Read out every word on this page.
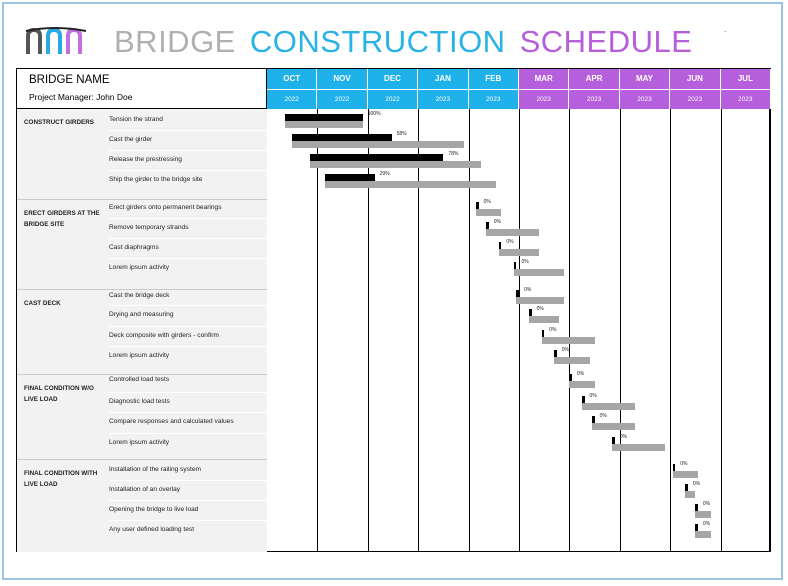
BRIDGE CONSTRUCTION SCHEDULE	.
BRIDGE NAME
Project Manager: John Doe
OCT
2022
NOV
2022
DEC
2022
JAN
2023
FEB
2023
MAR
2023
APR
2023
MAY
2023
JUN
2023
JUL
2023
CONSTRUCT GIRDERS	Tension the strand
100%
Cast the girder
58%
Release the prestressing
78%
Ship the girder to the bridge site
29%
ERECT GIRDERS AT THE BRIDGE SITE
Erect girders onto permanent bearings
0%
Remove temporary strands
0%
Cast diaphragms
0%
Lorem ipsum activity
0%
CAST DECK
Cast the bridge deck
0%
Drying and measuring
0%
Deck composite with girders - confirm
0%
Lorem ipsum activity
0%
FINAL CONDITION W/O LIVE LOAD
Controlled load tests
0%
Diagnostic load tests
0%
Compare responses and calculated values
0%
Lorem ipsum activity
0%
FINAL CONDITION WITH LIVE LOAD
Installation of the railing system
0%
Installation of an overlay
0%
Opening the bridge to live load
0%
Any user defined loading test
0%
